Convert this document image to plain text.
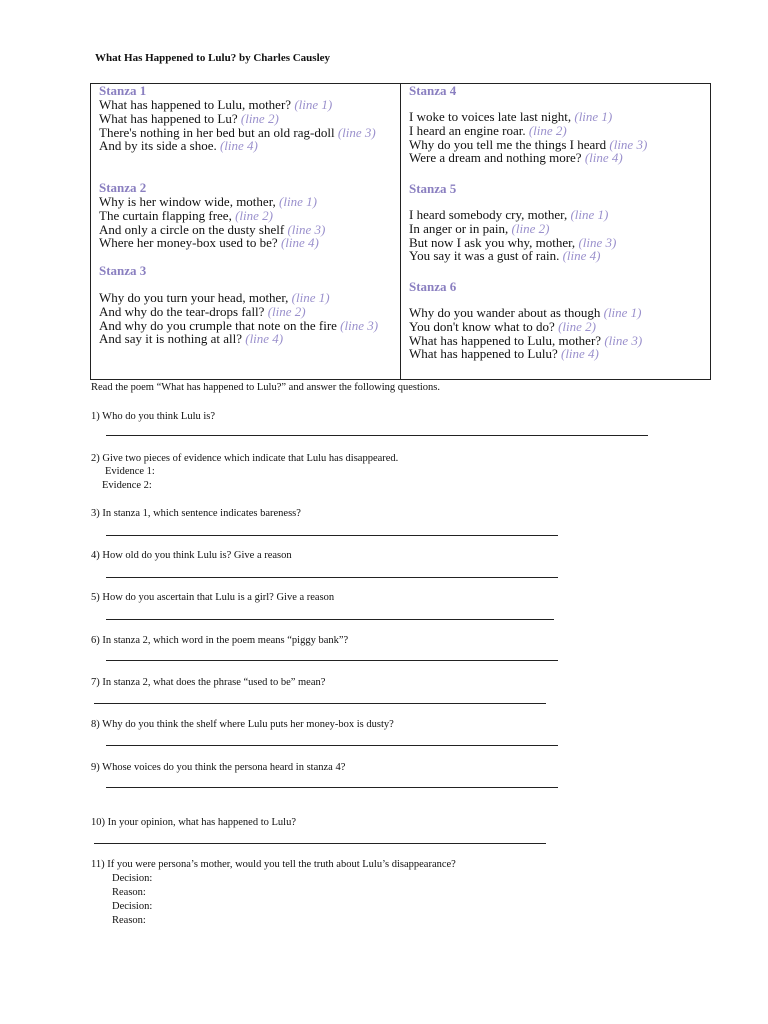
What Has Happened to Lulu? by Charles Causley
Stanza 1
What has happened to Lulu, mother? (line 1)
What has happened to Lu? (line 2)
There's nothing in her bed but an old rag-doll (line 3)
And by its side a shoe. (line 4)
Stanza 2
Why is her window wide, mother, (line 1)
The curtain flapping free, (line 2)
And only a circle on the dusty shelf (line 3)
Where her money-box used to be? (line 4)
Stanza 3
Why do you turn your head, mother, (line 1)
And why do the tear-drops fall? (line 2)
And why do you crumple that note on the fire (line 3)
And say it is nothing at all? (line 4)
Stanza 4
I woke to voices late last night, (line 1)
I heard an engine roar. (line 2)
Why do you tell me the things I heard (line 3)
Were a dream and nothing more? (line 4)
Stanza 5
I heard somebody cry, mother, (line 1)
In anger or in pain, (line 2)
But now I ask you why, mother, (line 3)
You say it was a gust of rain. (line 4)
Stanza 6
Why do you wander about as though (line 1)
You don't know what to do? (line 2)
What has happened to Lulu, mother? (line 3)
What has happened to Lulu? (line 4)
Read the poem “What has happened to Lulu?” and answer the following questions.
1) Who do you think Lulu is?
2) Give two pieces of evidence which indicate that Lulu has disappeared.
Evidence 1:
Evidence 2:
3) In stanza 1, which sentence indicates bareness?
4) How old do you think Lulu is? Give a reason
5) How do you ascertain that Lulu is a girl? Give a reason
6) In stanza 2, which word in the poem means “piggy bank”?
7) In stanza 2, what does the phrase “used to be” mean?
8) Why do you think the shelf where Lulu puts her money-box is dusty?
9) Whose voices do you think the persona heard in stanza 4?
10) In your opinion, what has happened to Lulu?
11) If you were persona’s mother, would you tell the truth about Lulu’s disappearance?
Decision:
Reason:
Decision:
Reason:
